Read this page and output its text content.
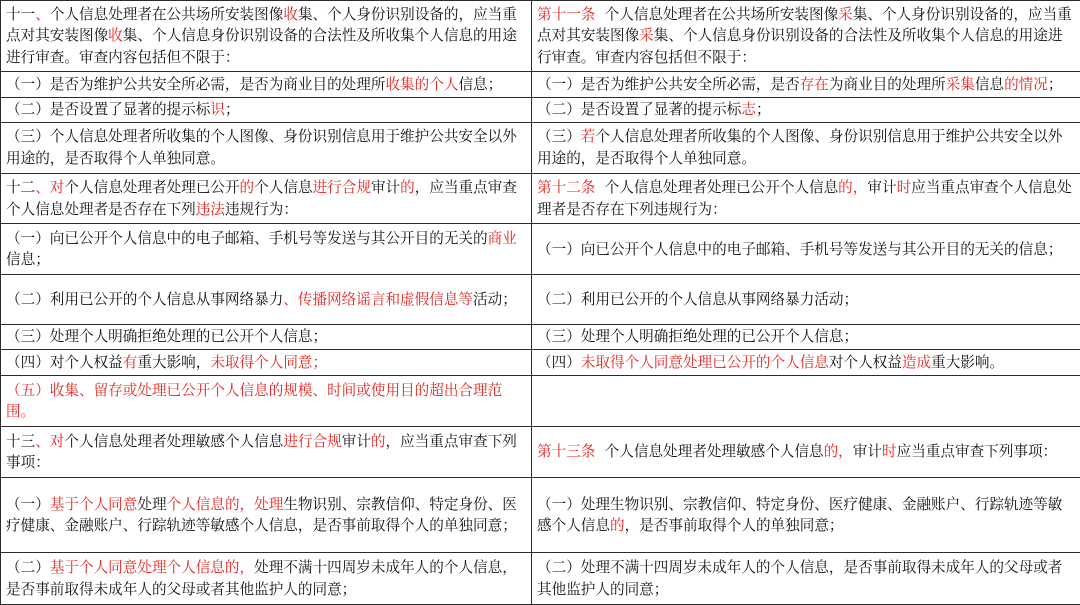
十一、个人信息处理者在公共场所安装图像收集、个人身份识别设备的，应当重点对其安装图像收集、个人信息身份识别设备的合法性及所收集个人信息的用途进行审查。审查内容包括但不限于：	第十一条  个人信息处理者在公共场所安装图像采集、个人身份识别设备的，应当重点对其安装图像采集、个人信息身份识别设备的合法性及所收集个人信息的用途进行审查。审查内容包括但不限于：
（一）是否为维护公共安全所必需，是否为商业目的处理所收集的个人信息；	（一）是否为维护公共安全所必需，是否存在为商业目的处理所采集信息的情况；
（二）是否设置了显著的提示标识；	（二）是否设置了显著的提示标志；
（三）个人信息处理者所收集的个人图像、身份识别信息用于维护公共安全以外用途的，是否取得个人单独同意。	（三）若个人信息处理者所收集的个人图像、身份识别信息用于维护公共安全以外用途的，是否取得个人单独同意。
十二、对个人信息处理者处理已公开的个人信息进行合规审计的，应当重点审查个人信息处理者是否存在下列违法违规行为：	第十二条  个人信息处理者处理已公开个人信息的，审计时应当重点审查个人信息处理者是否存在下列违规行为：
（一）向已公开个人信息中的电子邮箱、手机号等发送与其公开目的无关的商业信息；	（一）向已公开个人信息中的电子邮箱、手机号等发送与其公开目的无关的信息；
（二）利用已公开的个人信息从事网络暴力、传播网络谣言和虚假信息等活动；	（二）利用已公开的个人信息从事网络暴力活动；
（三）处理个人明确拒绝处理的已公开个人信息；	（三）处理个人明确拒绝处理的已公开个人信息；
（四）对个人权益有重大影响，未取得个人同意；	（四）未取得个人同意处理已公开的个人信息对个人权益造成重大影响。
（五）收集、留存或处理已公开个人信息的规模、时间或使用目的超出合理范围。	
十三、对个人信息处理者处理敏感个人信息进行合规审计的，应当重点审查下列事项：	第十三条  个人信息处理者处理敏感个人信息的，审计时应当重点审查下列事项：
（一）基于个人同意处理个人信息的，处理生物识别、宗教信仰、特定身份、医疗健康、金融账户、行踪轨迹等敏感个人信息，是否事前取得个人的单独同意；	（一）处理生物识别、宗教信仰、特定身份、医疗健康、金融账户、行踪轨迹等敏感个人信息的，是否事前取得个人的单独同意；
（二）基于个人同意处理个人信息的，处理不满十四周岁未成年人的个人信息，是否事前取得未成年人的父母或者其他监护人的同意；	（二）处理不满十四周岁未成年人的个人信息，是否事前取得未成年人的父母或者其他监护人的同意；
